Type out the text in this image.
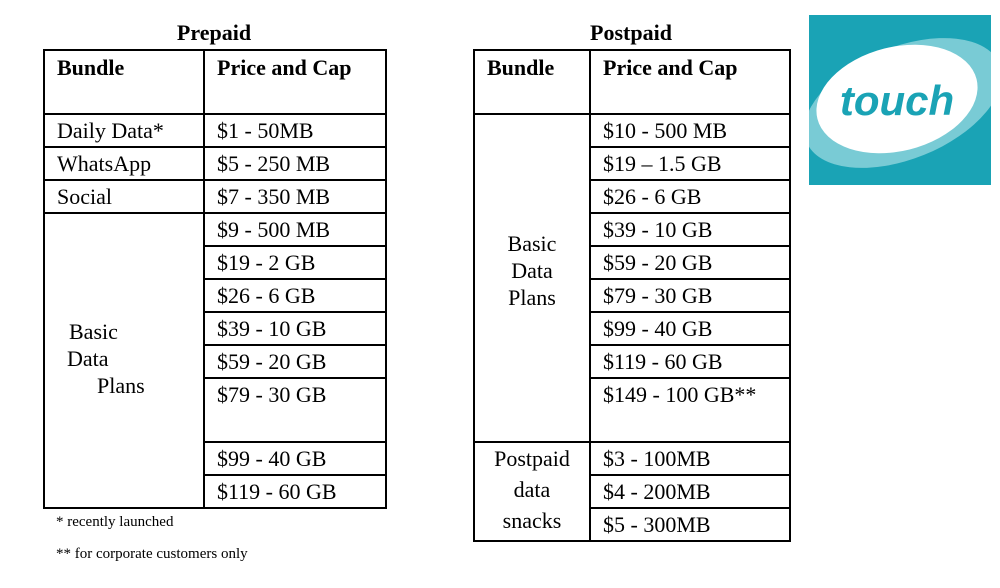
Prepaid
Bundle	Price and Cap
Daily Data*	$1 - 50MB
WhatsApp	$5 - 250 MB
Social	$7 - 350 MB

Basic
Data
Plans	$9 - 500 MB
	$19 - 2 GB
	$26 - 6 GB
	$39 - 10 GB
	$59 - 20 GB
	$79 - 30 GB
	$99 - 40 GB
	$119 - 60 GB
* recently launched
** for corporate customers only
Postpaid
Bundle	Price and Cap

Basic
Data
Plans	$10 - 500 MB
	$19 – 1.5 GB
	$26 - 6 GB
	$39 - 10 GB
	$59 - 20 GB
	$79 - 30 GB
	$99 - 40 GB
	$119 - 60 GB
	$149 - 100 GB**

Postpaid
data
snacks	$3 - 100MB
	$4 - 200MB
	$5 - 300MB
touch
